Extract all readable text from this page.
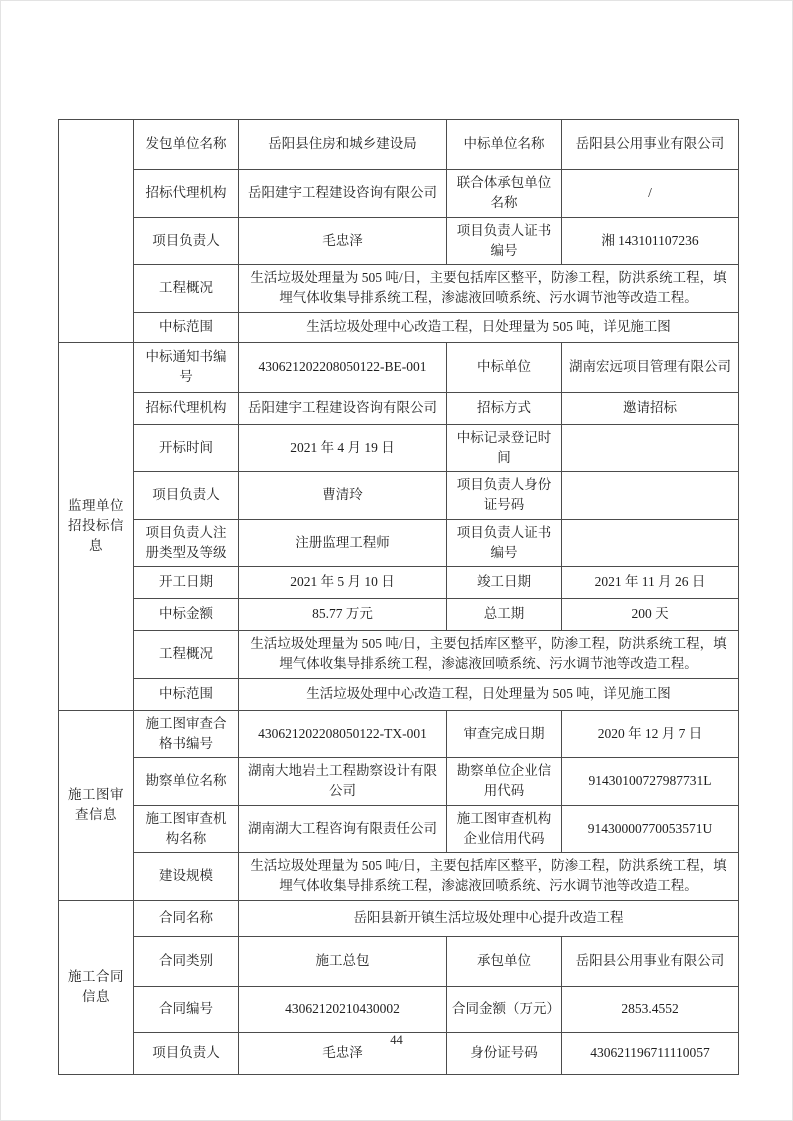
	发包单位名称	岳阳县住房和城乡建设局	中标单位名称	岳阳县公用事业有限公司
	招标代理机构	岳阳建宇工程建设咨询有限公司	联合体承包单位名称	/
	项目负责人	毛忠泽	项目负责人证书编号	湘 143101107236
	工程概况	生活垃圾处理量为 505 吨/日，主要包括库区整平，防渗工程，防洪系统工程，填埋气体收集导排系统工程，渗滤液回喷系统、污水调节池等改造工程。		
	中标范围	生活垃圾处理中心改造工程，日处理量为 505 吨，详见施工图		
监理单位招投标信息	中标通知书编号	430621202208050122-BE-001	中标单位	湖南宏远项目管理有限公司
	招标代理机构	岳阳建宇工程建设咨询有限公司	招标方式	邀请招标
	开标时间	2021 年 4 月 19 日	中标记录登记时间	
	项目负责人	曹清玲	项目负责人身份证号码	
	项目负责人注册类型及等级	注册监理工程师	项目负责人证书编号	
	开工日期	2021 年 5 月 10 日	竣工日期	2021 年 11 月 26 日
	中标金额	85.77 万元	总工期	200 天
	工程概况	生活垃圾处理量为 505 吨/日，主要包括库区整平，防渗工程，防洪系统工程，填埋气体收集导排系统工程，渗滤液回喷系统、污水调节池等改造工程。		
	中标范围	生活垃圾处理中心改造工程，日处理量为 505 吨，详见施工图		
施工图审查信息	施工图审查合格书编号	430621202208050122-TX-001	审查完成日期	2020 年 12 月 7 日
	勘察单位名称	湖南大地岩土工程勘察设计有限公司	勘察单位企业信用代码	91430100727987731L
	施工图审查机构名称	湖南湖大工程咨询有限责任公司	施工图审查机构企业信用代码	91430000770053571U
	建设规模	生活垃圾处理量为 505 吨/日，主要包括库区整平，防渗工程，防洪系统工程，填埋气体收集导排系统工程，渗滤液回喷系统、污水调节池等改造工程。		
施工合同信息	合同名称	岳阳县新开镇生活垃圾处理中心提升改造工程		
	合同类别	施工总包	承包单位	岳阳县公用事业有限公司
	合同编号	43062120210430002	合同金额（万元）	2853.4552
	项目负责人	毛忠泽	身份证号码	430621196711110057
44
